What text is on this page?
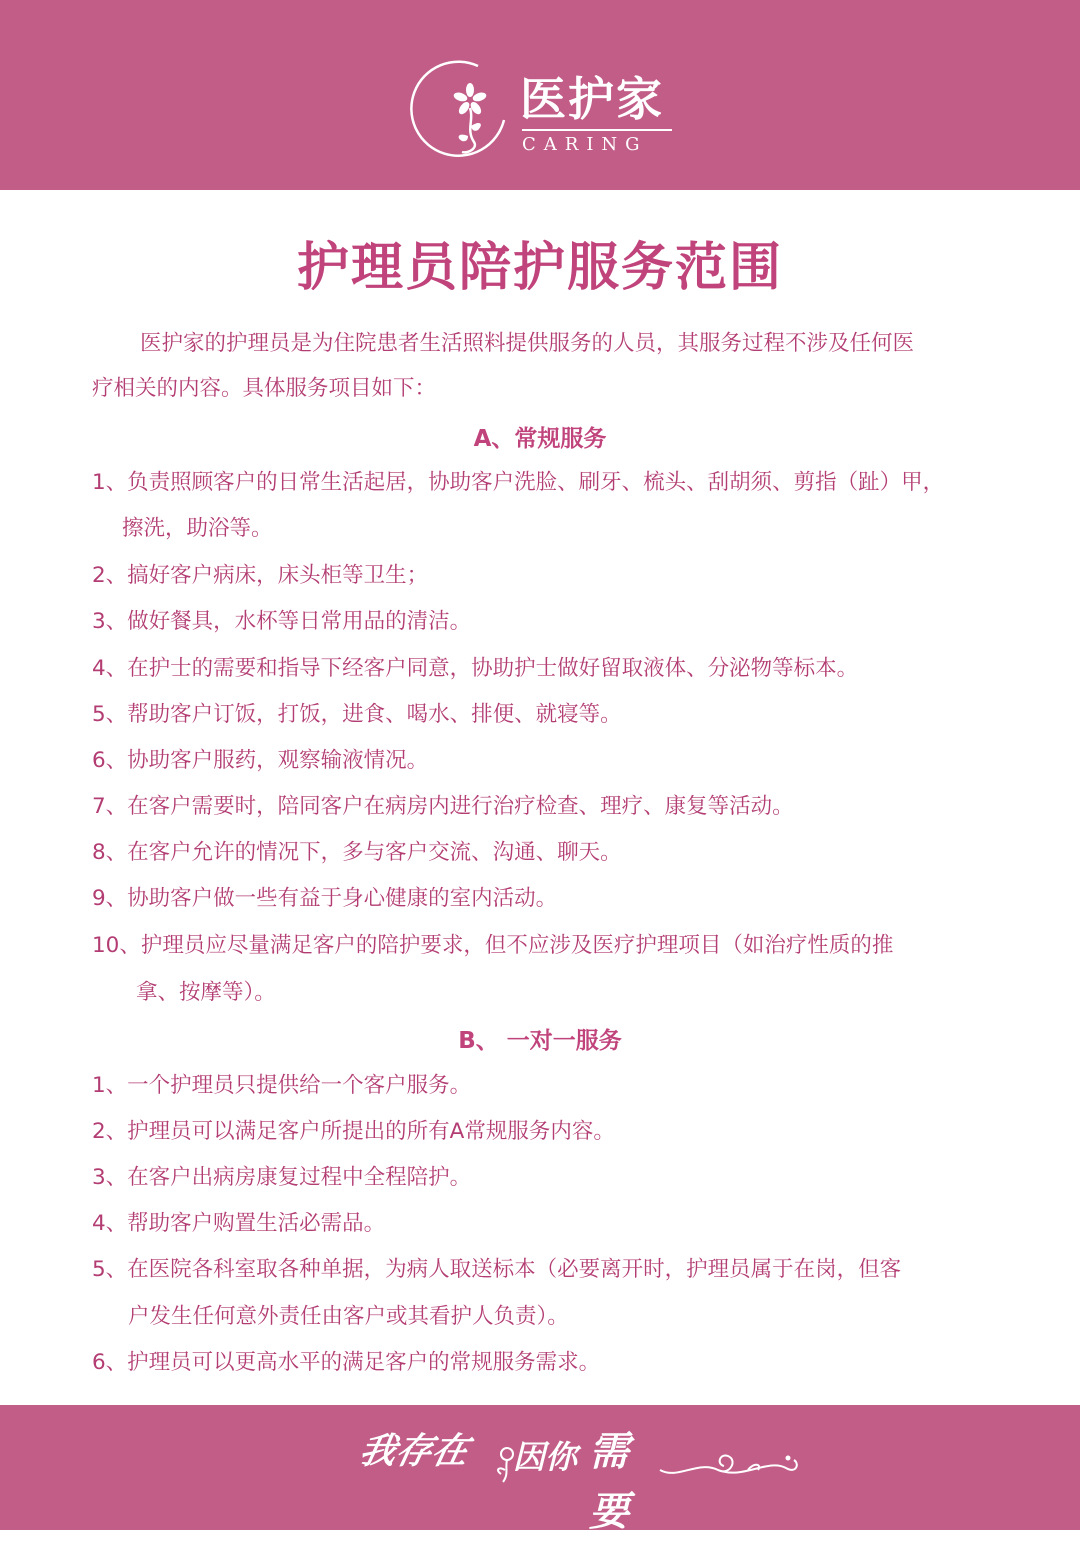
医护家
CARING
护理员陪护服务范围
医护家的护理员是为住院患者生活照料提供服务的人员，其服务过程不涉及任何医
疗相关的内容。具体服务项目如下：
A、常规服务
1、负责照顾客户的日常生活起居，协助客户洗脸、刷牙、梳头、刮胡须、剪指（趾）甲，
擦洗，助浴等。
2、搞好客户病床，床头柜等卫生；
3、做好餐具，水杯等日常用品的清洁。
4、在护士的需要和指导下经客户同意，协助护士做好留取液体、分泌物等标本。
5、帮助客户订饭，打饭，进食、喝水、排便、就寝等。
6、协助客户服药，观察输液情况。
7、在客户需要时，陪同客户在病房内进行治疗检查、理疗、康复等活动。
8、在客户允许的情况下，多与客户交流、沟通、聊天。
9、协助客户做一些有益于身心健康的室内活动。
10、护理员应尽量满足客户的陪护要求，但不应涉及医疗护理项目（如治疗性质的推
拿、按摩等）。
B、 一对一服务
1、一个护理员只提供给一个客户服务。
2、护理员可以满足客户所提出的所有A常规服务内容。
3、在客户出病房康复过程中全程陪护。
4、帮助客户购置生活必需品。
5、在医院各科室取各种单据，为病人取送标本（必要离开时，护理员属于在岗，但客
户发生任何意外责任由客户或其看护人负责）。
6、护理员可以更高水平的满足客户的常规服务需求。
我存在 因你 需要
